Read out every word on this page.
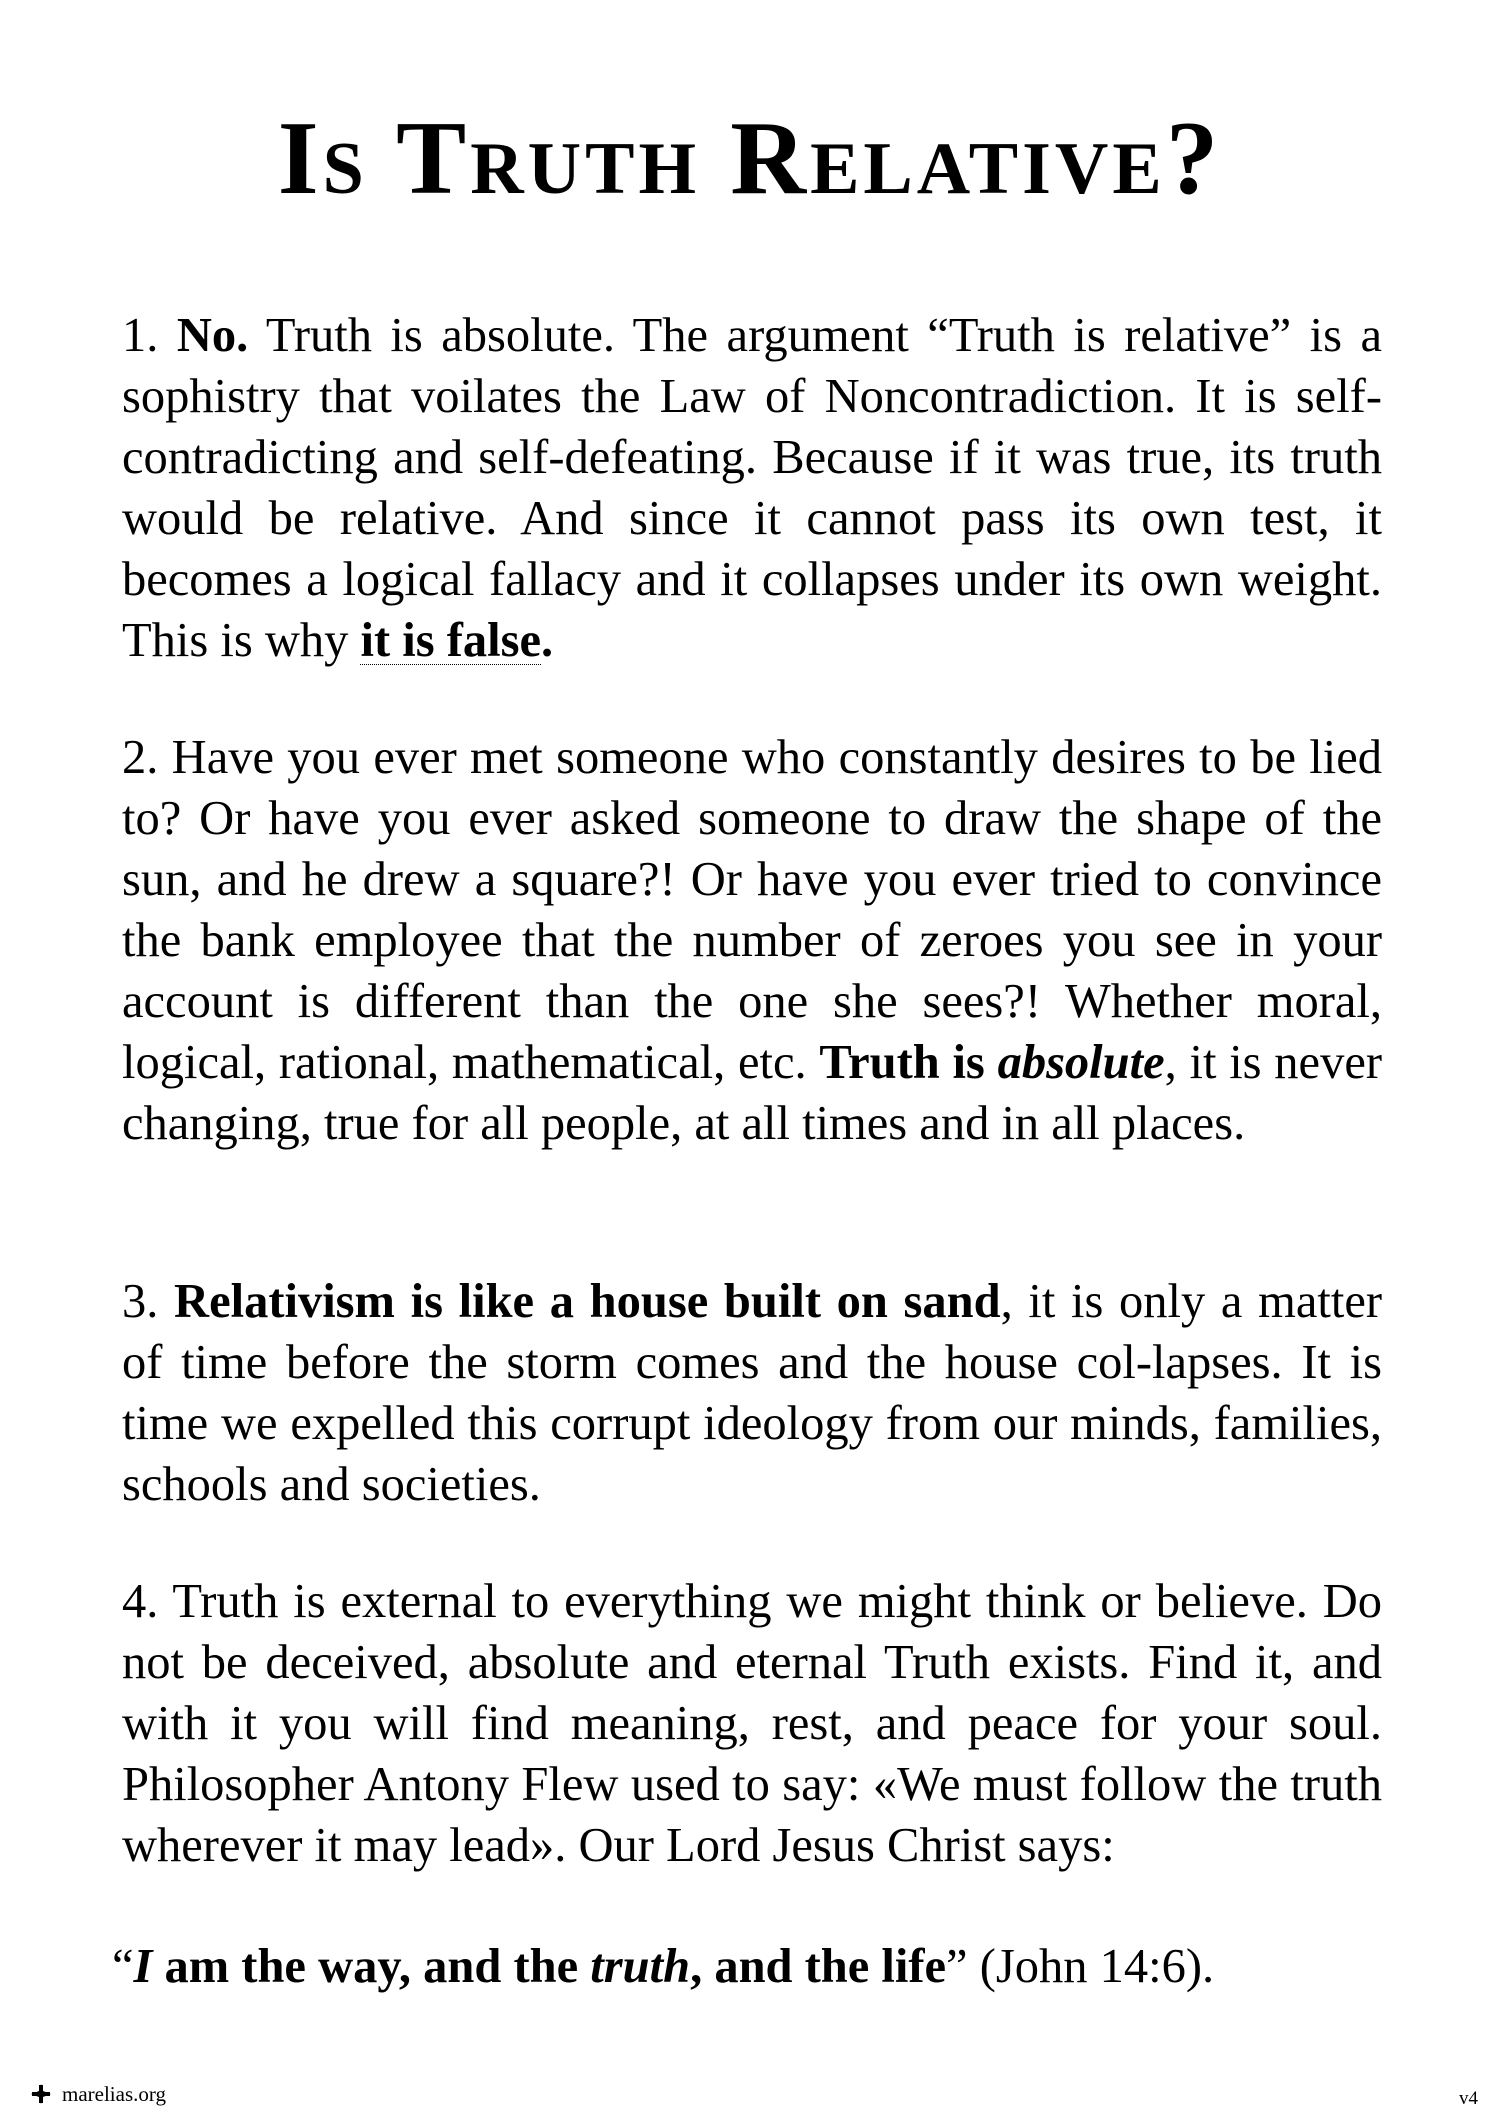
Is Truth Relative?

1. No. Truth is absolute. The argument “Truth is relative” is a sophistry that voilates the Law of Noncontradiction. It is self-contradicting and self-defeating. Because if it was true, its truth would be relative. And since it cannot pass its own test, it becomes a logical fallacy and it collapses under its own weight. This is why it is false.

2. Have you ever met someone who constantly desires to be lied to? Or have you ever asked someone to draw the shape of the sun, and he drew a square?! Or have you ever tried to convince the bank employee that the number of zeroes you see in your account is different than the one she sees?! Whether moral, logical, rational, mathematical, etc. Truth is absolute, it is never changing, true for all people, at all times and in all places.

3. Relativism is like a house built on sand, it is only a matter of time before the storm comes and the house col-lapses. It is time we expelled this corrupt ideology from our minds, families, schools and societies.

4. Truth is external to everything we might think or believe. Do not be deceived, absolute and eternal Truth exists. Find it, and with it you will find meaning, rest, and peace for your soul. Philosopher Antony Flew used to say: «We must follow the truth wherever it may lead». Our Lord Jesus Christ says:

“I am the way, and the truth, and the life” (John 14:6).

marelias.org	v4
